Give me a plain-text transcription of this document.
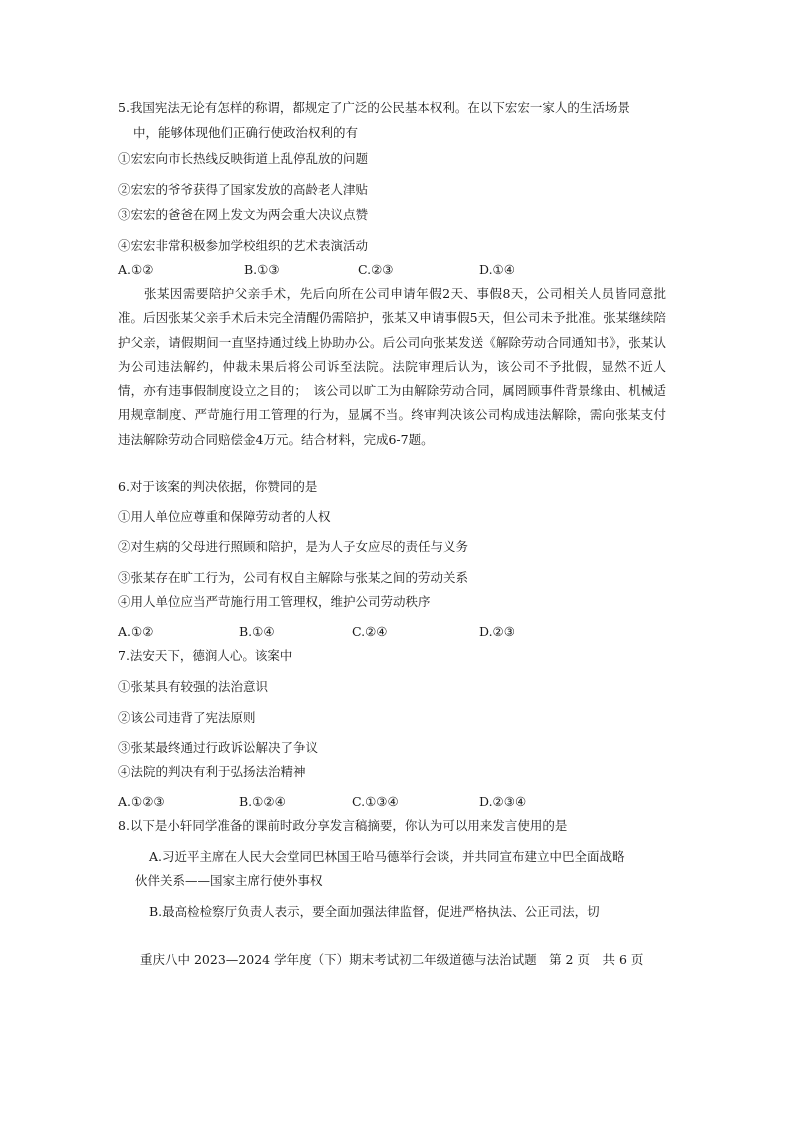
5.我国宪法无论有怎样的称谓，都规定了广泛的公民基本权利。在以下宏宏一家人的生活场景
中，能够体现他们正确行使政治权利的有
①宏宏向市长热线反映街道上乱停乱放的问题
②宏宏的爷爷获得了国家发放的高龄老人津贴
③宏宏的爸爸在网上发文为两会重大决议点赞
④宏宏非常积极参加学校组织的艺术表演活动
A.①②	B.①③	C.②③	D.①④
张某因需要陪护父亲手术，先后向所在公司申请年假2天、事假8天，公司相关人员皆同意批准。后因张某父亲手术后未完全清醒仍需陪护，张某又申请事假5天，但公司未予批准。张某继续陪护父亲，请假期间一直坚持通过线上协助办公。后公司向张某发送《解除劳动合同通知书》，张某认为公司违法解约，仲裁未果后将公司诉至法院。法院审理后认为，该公司不予批假，显然不近人情，亦有违事假制度设立之目的；　该公司以旷工为由解除劳动合同，属罔顾事件背景缘由、机械适用规章制度、严苛施行用工管理的行为，显属不当。终审判决该公司构成违法解除，需向张某支付违法解除劳动合同赔偿金4万元。结合材料，完成6-7题。
6.对于该案的判决依据，你赞同的是
①用人单位应尊重和保障劳动者的人权
②对生病的父母进行照顾和陪护，是为人子女应尽的责任与义务
③张某存在旷工行为，公司有权自主解除与张某之间的劳动关系
④用人单位应当严苛施行用工管理权，维护公司劳动秩序
A.①②	B.①④	C.②④	D.②③
7.法安天下，德润人心。该案中
①张某具有较强的法治意识
②该公司违背了宪法原则
③张某最终通过行政诉讼解决了争议
④法院的判决有利于弘扬法治精神
A.①②③	B.①②④	C.①③④	D.②③④
8.以下是小轩同学准备的课前时政分享发言稿摘要，你认为可以用来发言使用的是
A.习近平主席在人民大会堂同巴林国王哈马德举行会谈，并共同宣布建立中巴全面战略
伙伴关系——国家主席行使外事权
B.最高检检察厅负责人表示，要全面加强法律监督，促进严格执法、公正司法，切
重庆八中 2023—2024 学年度（下）期末考试初二年级道德与法治试题　第 2 页　共 6 页
